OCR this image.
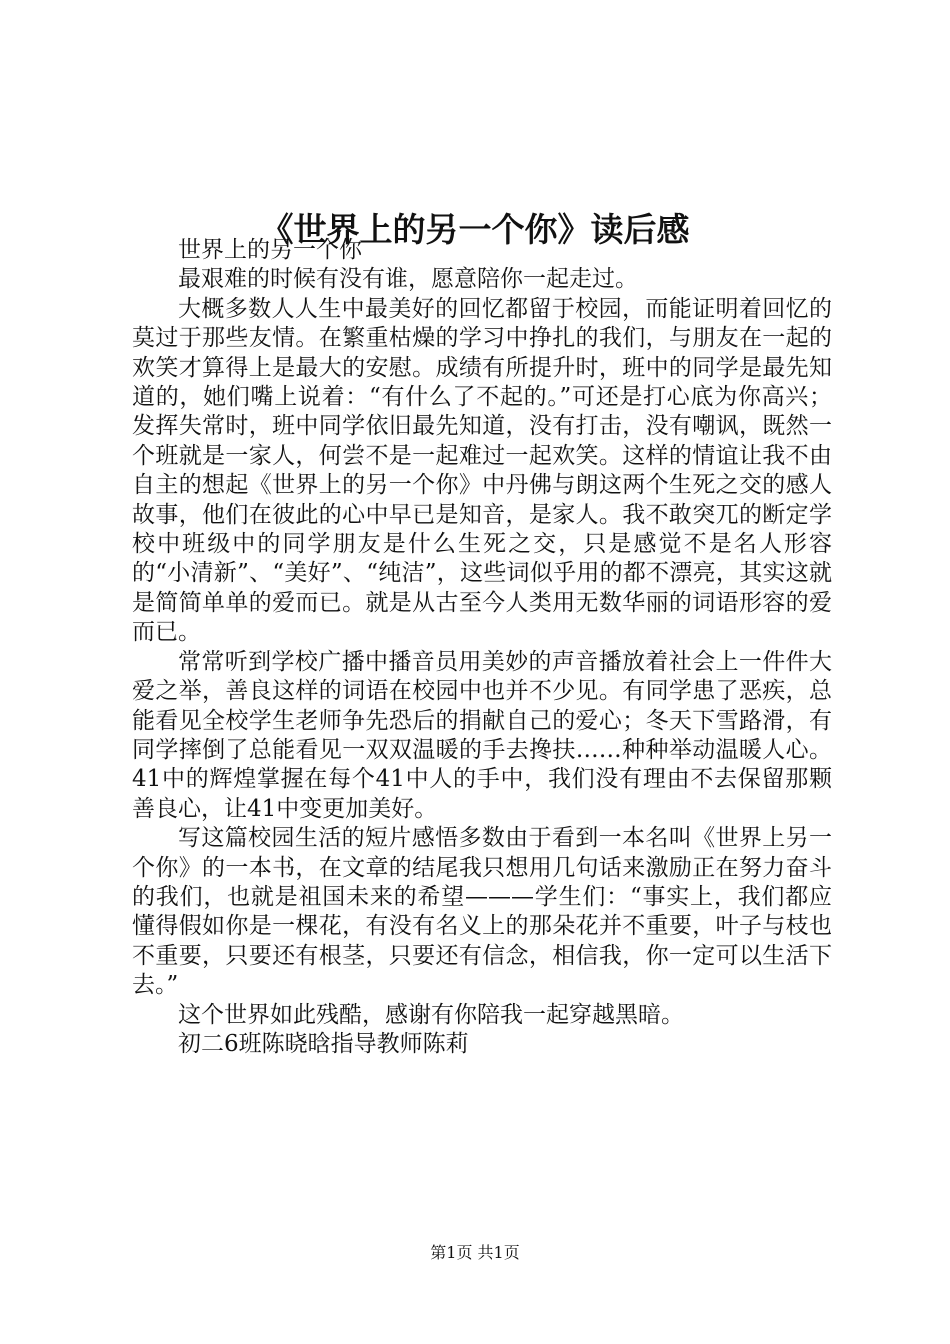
《世界上的另一个你》读后感

世界上的另一个你

最艰难的时候有没有谁，愿意陪你一起走过。

大概多数人人生中最美好的回忆都留于校园，而能证明着回忆的莫过于那些友情。在繁重枯燥的学习中挣扎的我们，与朋友在一起的欢笑才算得上是最大的安慰。成绩有所提升时，班中的同学是最先知道的，她们嘴上说着：“有什么了不起的。”可还是打心底为你高兴；发挥失常时，班中同学依旧最先知道，没有打击，没有嘲讽，既然一个班就是一家人，何尝不是一起难过一起欢笑。这样的情谊让我不由自主的想起《世界上的另一个你》中丹佛与朗这两个生死之交的感人故事，他们在彼此的心中早已是知音，是家人。我不敢突兀的断定学校中班级中的同学朋友是什么生死之交，只是感觉不是名人形容的“小清新”、“美好”、“纯洁”，这些词似乎用的都不漂亮，其实这就是简简单单的爱而已。就是从古至今人类用无数华丽的词语形容的爱而已。

常常听到学校广播中播音员用美妙的声音播放着社会上一件件大爱之举，善良这样的词语在校园中也并不少见。有同学患了恶疾，总能看见全校学生老师争先恐后的捐献自己的爱心；冬天下雪路滑，有同学摔倒了总能看见一双双温暖的手去搀扶……种种举动温暖人心。41中的辉煌掌握在每个41中人的手中，我们没有理由不去保留那颗善良心，让41中变更加美好。

写这篇校园生活的短片感悟多数由于看到一本名叫《世界上另一个你》的一本书，在文章的结尾我只想用几句话来激励正在努力奋斗的我们，也就是祖国未来的希望———学生们：“事实上，我们都应懂得假如你是一棵花，有没有名义上的那朵花并不重要，叶子与枝也不重要，只要还有根茎，只要还有信念，相信我，你一定可以生活下去。”

这个世界如此残酷，感谢有你陪我一起穿越黑暗。

初二6班陈晓晗指导教师陈莉

第1页 共1页
